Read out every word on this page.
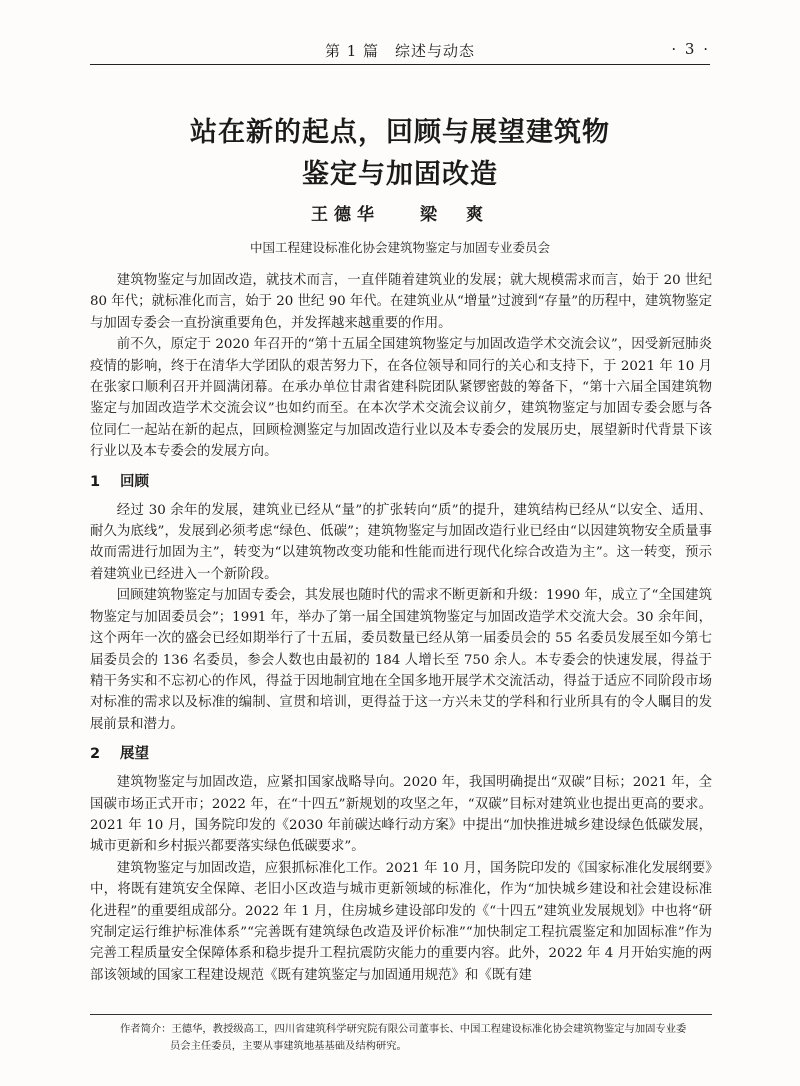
第 1 篇　综述与动态	· 3 ·
站在新的起点，回顾与展望建筑物
鉴定与加固改造
王德华 梁　爽
中国工程建设标准化协会建筑物鉴定与加固专业委员会

建筑物鉴定与加固改造，就技术而言，一直伴随着建筑业的发展；就大规模需求而言，始于 20 世纪 80 年代；就标准化而言，始于 20 世纪 90 年代。在建筑业从“增量”过渡到“存量”的历程中，建筑物鉴定与加固专委会一直扮演重要角色，并发挥越来越重要的作用。

前不久，原定于 2020 年召开的“第十五届全国建筑物鉴定与加固改造学术交流会议”，因受新冠肺炎疫情的影响，终于在清华大学团队的艰苦努力下，在各位领导和同行的关心和支持下，于 2021 年 10 月在张家口顺利召开并圆满闭幕。在承办单位甘肃省建科院团队紧锣密鼓的筹备下，“第十六届全国建筑物鉴定与加固改造学术交流会议”也如约而至。在本次学术交流会议前夕，建筑物鉴定与加固专委会愿与各位同仁一起站在新的起点，回顾检测鉴定与加固改造行业以及本专委会的发展历史，展望新时代背景下该行业以及本专委会的发展方向。

1 回顾

经过 30 余年的发展，建筑业已经从“量”的扩张转向“质”的提升，建筑结构已经从“以安全、适用、耐久为底线”，发展到必须考虑“绿色、低碳”；建筑物鉴定与加固改造行业已经由“以因建筑物安全质量事故而需进行加固为主”，转变为“以建筑物改变功能和性能而进行现代化综合改造为主”。这一转变，预示着建筑业已经进入一个新阶段。

回顾建筑物鉴定与加固专委会，其发展也随时代的需求不断更新和升级：1990 年，成立了“全国建筑物鉴定与加固委员会”；1991 年，举办了第一届全国建筑物鉴定与加固改造学术交流大会。30 余年间，这个两年一次的盛会已经如期举行了十五届，委员数量已经从第一届委员会的 55 名委员发展至如今第七届委员会的 136 名委员，参会人数也由最初的 184 人增长至 750 余人。本专委会的快速发展，得益于精干务实和不忘初心的作风，得益于因地制宜地在全国多地开展学术交流活动，得益于适应不同阶段市场对标准的需求以及标准的编制、宣贯和培训，更得益于这一方兴未艾的学科和行业所具有的令人瞩目的发展前景和潜力。

2 展望

建筑物鉴定与加固改造，应紧扣国家战略导向。2020 年，我国明确提出“双碳”目标；2021 年，全国碳市场正式开市；2022 年，在“十四五”新规划的攻坚之年，“双碳”目标对建筑业也提出更高的要求。2021 年 10 月，国务院印发的《2030 年前碳达峰行动方案》中提出“加快推进城乡建设绿色低碳发展，城市更新和乡村振兴都要落实绿色低碳要求”。

建筑物鉴定与加固改造，应狠抓标准化工作。2021 年 10 月，国务院印发的《国家标准化发展纲要》中，将既有建筑安全保障、老旧小区改造与城市更新领域的标准化，作为“加快城乡建设和社会建设标准化进程”的重要组成部分。2022 年 1 月，住房城乡建设部印发的《“十四五”建筑业发展规划》中也将“研究制定运行维护标准体系”“完善既有建筑绿色改造及评价标准”“加快制定工程抗震鉴定和加固标准”作为完善工程质量安全保障体系和稳步提升工程抗震防灾能力的重要内容。此外，2022 年 4 月开始实施的两部该领域的国家工程建设规范《既有建筑鉴定与加固通用规范》和《既有建

作者简介：王德华，教授级高工，四川省建筑科学研究院有限公司董事长、中国工程建设标准化协会建筑物鉴定与加固专业委
员会主任委员，主要从事建筑地基基础及结构研究。
